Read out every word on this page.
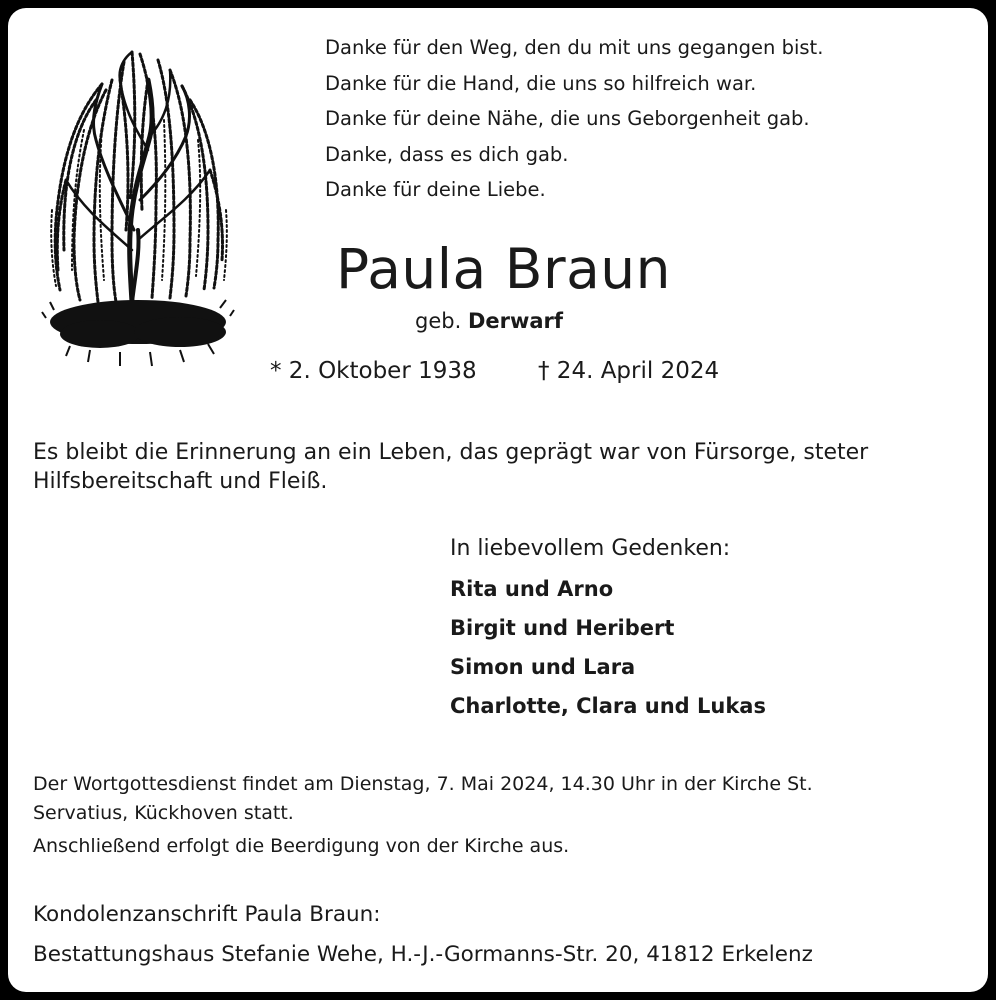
Danke für den Weg, den du mit uns gegangen bist.
Danke für die Hand, die uns so hilfreich war.
Danke für deine Nähe, die uns Geborgenheit gab.
Danke, dass es dich gab.
Danke für deine Liebe.
Paula Braun
geb. Derwarf
* 2. Oktober 1938	† 24. April 2024

Es bleibt die Erinnerung an ein Leben, das geprägt war von Fürsorge, steter Hilfsbereitschaft und Fleiß.

In liebevollem Gedenken:
Rita und Arno
Birgit und Heribert
Simon und Lara
Charlotte, Clara und Lukas

Der Wortgottesdienst findet am Dienstag, 7. Mai 2024, 14.30 Uhr in der Kirche St. Servatius, Kückhoven statt.

Anschließend erfolgt die Beerdigung von der Kirche aus.
Kondolenzanschrift Paula Braun:
Bestattungshaus Stefanie Wehe, H.-J.-Gormanns-Str. 20, 41812 Erkelenz
